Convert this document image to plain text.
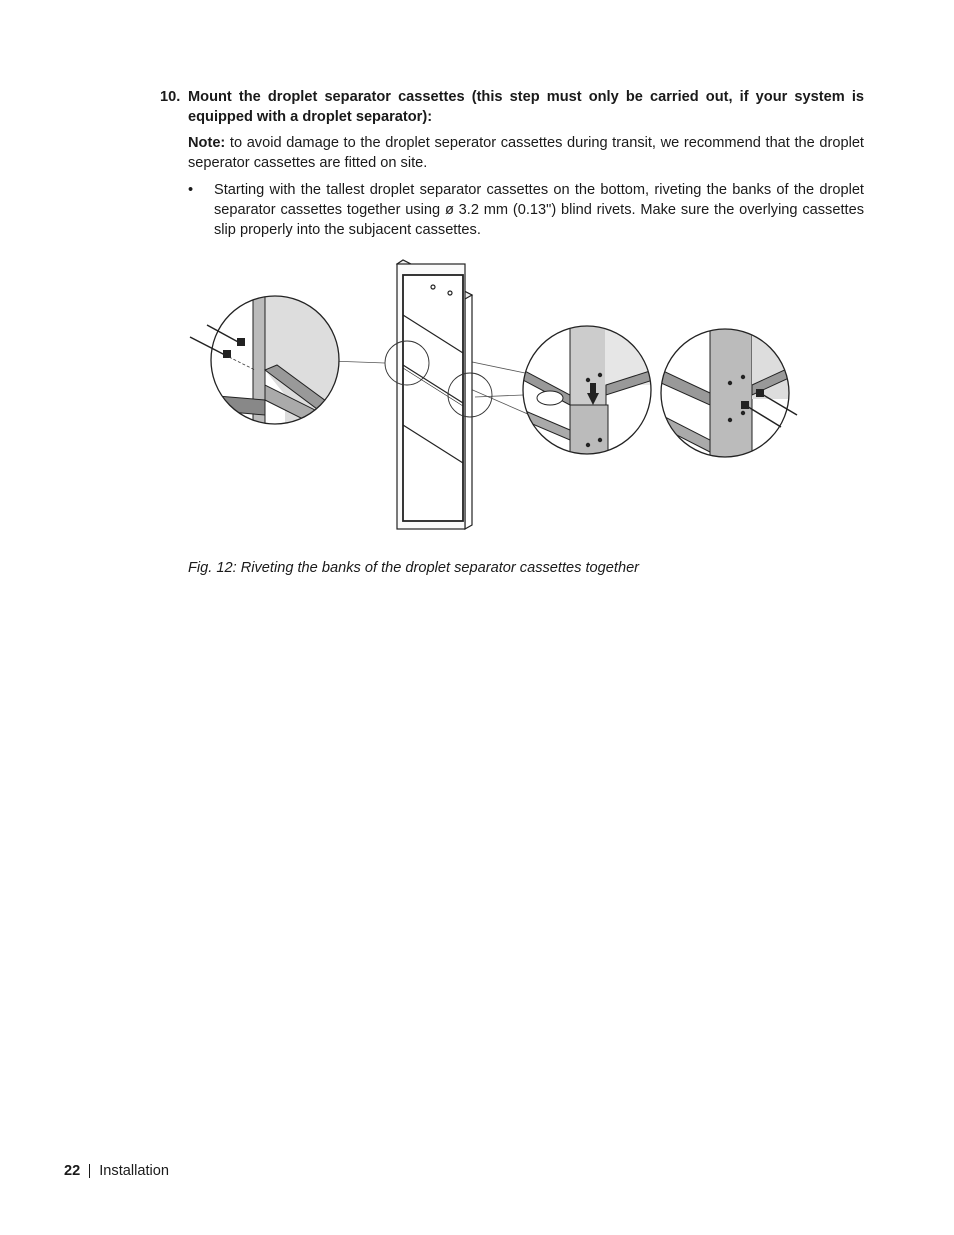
10. Mount the droplet separator cassettes (this step must only be carried out, if your system is equipped with a droplet separator):
Note: to avoid damage to the droplet seperator cassettes during transit, we recommend that the droplet seperator cassettes are fitted on site.
• Starting with the tallest droplet separator cassettes on the bottom, riveting the banks of the droplet separator cassettes together using ø 3.2 mm (0.13") blind rivets. Make sure the overlying cassettes slip properly into the subjacent cassettes.
Fig. 12: Riveting the banks of the droplet separator cassettes together
22 Installation
